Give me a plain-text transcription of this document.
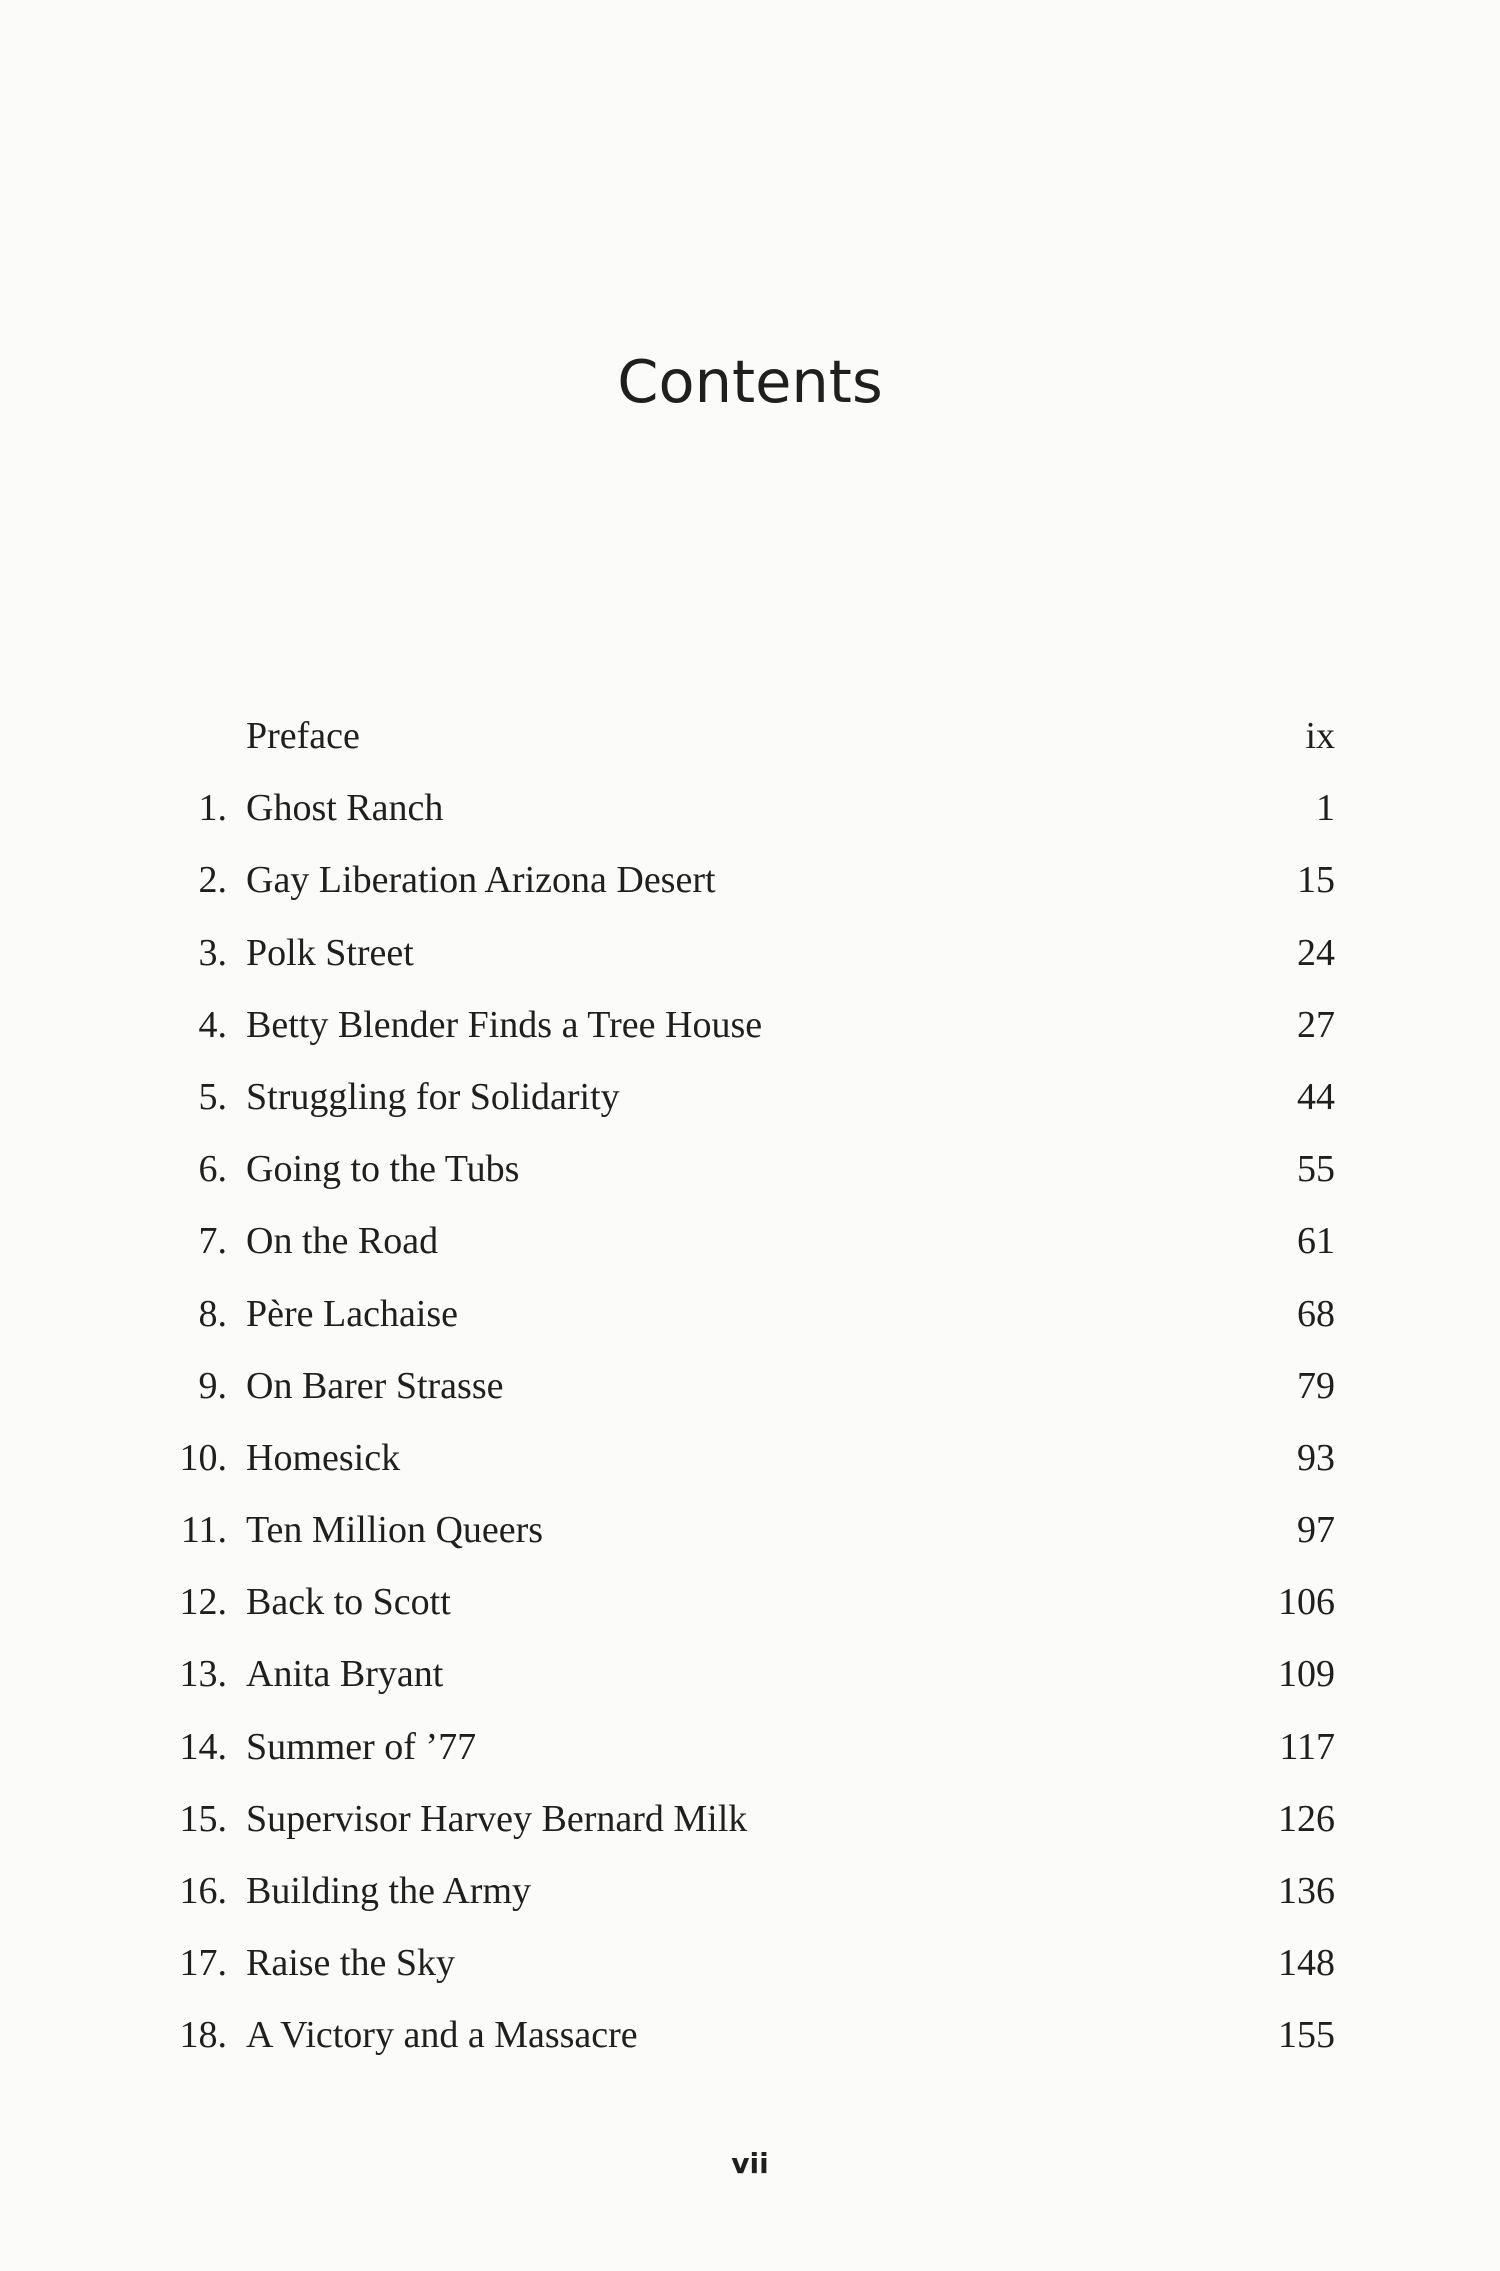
Contents
Preface	ix
1. Ghost Ranch	1
2. Gay Liberation Arizona Desert	15
3. Polk Street	24
4. Betty Blender Finds a Tree House	27
5. Struggling for Solidarity	44
6. Going to the Tubs	55
7. On the Road	61
8. Père Lachaise	68
9. On Barer Strasse	79
10. Homesick	93
11. Ten Million Queers	97
12. Back to Scott	106
13. Anita Bryant	109
14. Summer of ’77	117
15. Supervisor Harvey Bernard Milk	126
16. Building the Army	136
17. Raise the Sky	148
18. A Victory and a Massacre	155
vii
